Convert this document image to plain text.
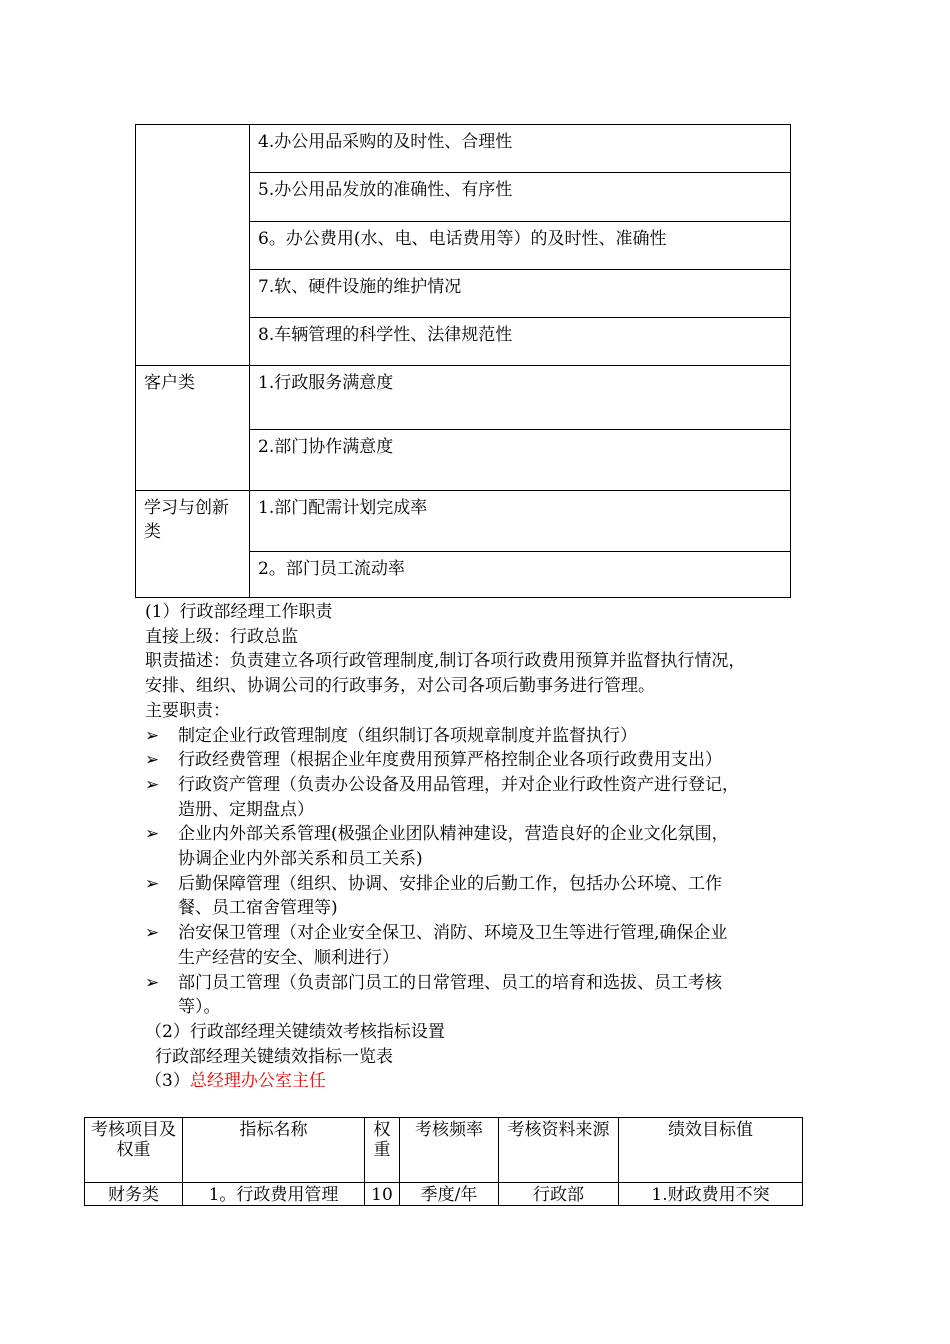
	4.办公用品采购的及时性、合理性
	5.办公用品发放的准确性、有序性
	6。办公费用(水、电、电话费用等）的及时性、准确性
	7.软、硬件设施的维护情况
	8.车辆管理的科学性、法律规范性
客户类	1.行政服务满意度
	2.部门协作满意度
学习与创新类	1.部门配需计划完成率
	2。部门员工流动率
(1）行政部经理工作职责
直接上级：行政总监
职责描述：负责建立各项行政管理制度,制订各项行政费用预算并监督执行情况，
安排、组织、协调公司的行政事务，对公司各项后勤事务进行管理。
主要职责：
➢	制定企业行政管理制度（组织制订各项规章制度并监督执行）
➢	行政经费管理（根据企业年度费用预算严格控制企业各项行政费用支出）
➢	行政资产管理（负责办公设备及用品管理，并对企业行政性资产进行登记，
造册、定期盘点）
➢	企业内外部关系管理(极强企业团队精神建设，营造良好的企业文化氛围，
协调企业内外部关系和员工关系)
➢	后勤保障管理（组织、协调、安排企业的后勤工作，包括办公环境、工作
餐、员工宿舍管理等)
➢	治安保卫管理（对企业安全保卫、消防、环境及卫生等进行管理,确保企业
生产经营的安全、顺利进行）
➢	部门员工管理（负责部门员工的日常管理、员工的培育和选拔、员工考核
等）。
（2）行政部经理关键绩效考核指标设置
行政部经理关键绩效指标一览表
（3）总经理办公室主任
考核项目及权重	指标名称	权重	考核频率	考核资料来源	绩效目标值
财务类	1。行政费用管理	10	季度/年	行政部	1.财政费用不突
